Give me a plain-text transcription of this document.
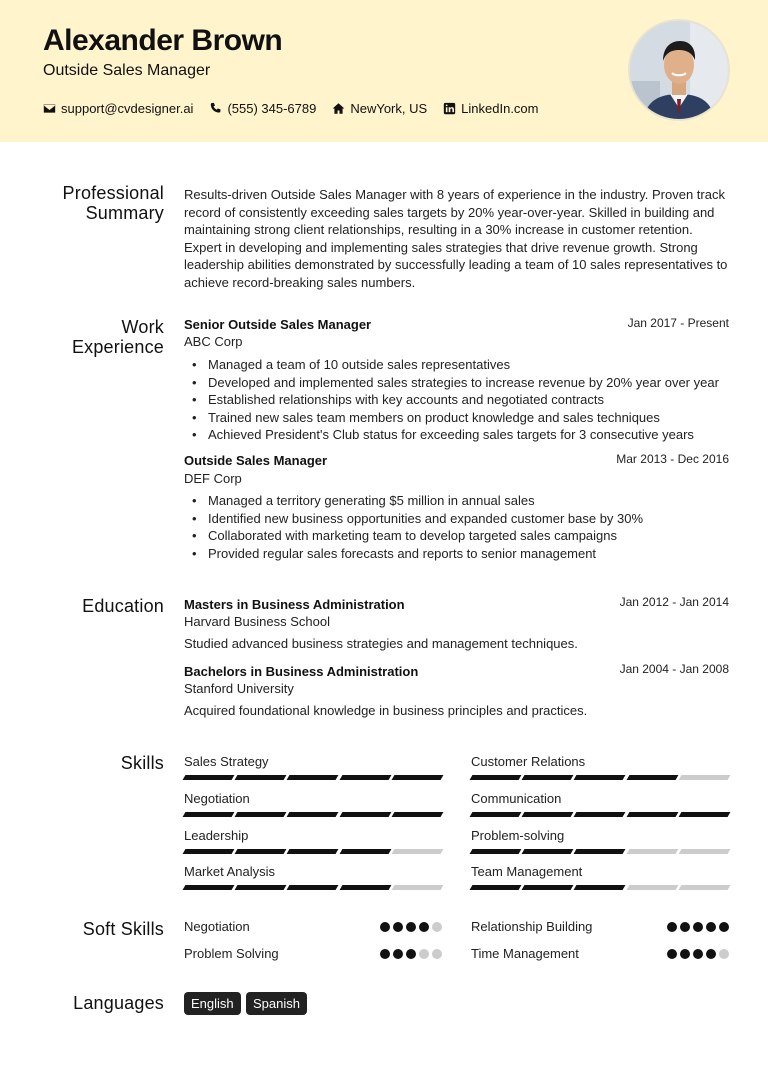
Alexander Brown
Outside Sales Manager
support@cvdesigner.ai	(555) 345-6789	NewYork, US	LinkedIn.com
Professional
Summary
Results-driven Outside Sales Manager with 8 years of experience in the industry. Proven track record of consistently exceeding sales targets by 20% year-over-year. Skilled in building and maintaining strong client relationships, resulting in a 30% increase in customer retention. Expert in developing and implementing sales strategies that drive revenue growth. Strong leadership abilities demonstrated by successfully leading a team of 10 sales representatives to achieve record-breaking sales numbers.
Work
Experience
Senior Outside Sales Manager	Jan 2017 - Present
ABC Corp
• Managed a team of 10 outside sales representatives
• Developed and implemented sales strategies to increase revenue by 20% year over year
• Established relationships with key accounts and negotiated contracts
• Trained new sales team members on product knowledge and sales techniques
• Achieved President's Club status for exceeding sales targets for 3 consecutive years
Outside Sales Manager	Mar 2013 - Dec 2016
DEF Corp
• Managed a territory generating $5 million in annual sales
• Identified new business opportunities and expanded customer base by 30%
• Collaborated with marketing team to develop targeted sales campaigns
• Provided regular sales forecasts and reports to senior management
Education Masters in Business Administration	Jan 2012 - Jan 2014
Harvard Business School
Studied advanced business strategies and management techniques.
Bachelors in Business Administration	Jan 2004 - Jan 2008
Stanford University
Acquired foundational knowledge in business principles and practices.
Skills Sales Strategy	Customer Relations
Negotiation	Communication
Leadership	Problem-solving
Market Analysis	Team Management
Soft Skills Negotiation	Relationship Building
Problem Solving	Time Management
Languages	English	Spanish
